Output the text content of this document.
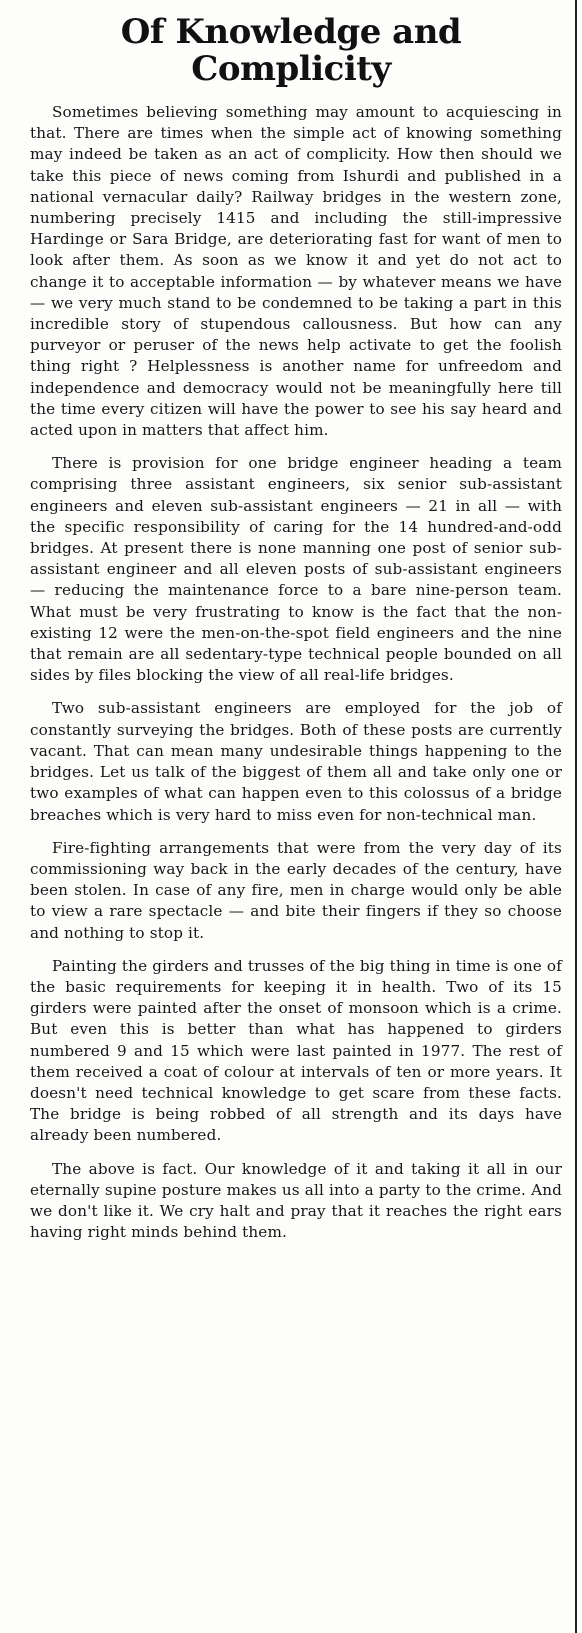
Of Knowledge and Complicity

Sometimes believing something may amount to acquiescing in that. There are times when the simple act of knowing something may indeed be taken as an act of complicity. How then should we take this piece of news coming from Ishurdi and published in a national vernacular daily? Railway bridges in the western zone, numbering precisely 1415 and including the still-impressive Hardinge or Sara Bridge, are deteriorating fast for want of men to look after them. As soon as we know it and yet do not act to change it to acceptable information — by whatever means we have — we very much stand to be condemned to be taking a part in this incredible story of stupendous callousness. But how can any purveyor or peruser of the news help activate to get the foolish thing right ? Helplessness is another name for unfreedom and independence and democracy would not be meaningfully here till the time every citizen will have the power to see his say heard and acted upon in matters that affect him.

There is provision for one bridge engineer heading a team comprising three assistant engineers, six senior sub-assistant engineers and eleven sub-assistant engineers — 21 in all — with the specific responsibility of caring for the 14 hundred-and-odd bridges. At present there is none manning one post of senior sub-assistant engineer and all eleven posts of sub-assistant engineers — reducing the maintenance force to a bare nine-person team. What must be very frustrating to know is the fact that the non-existing 12 were the men-on-the-spot field engineers and the nine that remain are all sedentary-type technical people bounded on all sides by files blocking the view of all real-life bridges.

Two sub-assistant engineers are employed for the job of constantly surveying the bridges. Both of these posts are currently vacant. That can mean many undesirable things happening to the bridges. Let us talk of the biggest of them all and take only one or two examples of what can happen even to this colossus of a bridge breaches which is very hard to miss even for non-technical man.

Fire-fighting arrangements that were from the very day of its commissioning way back in the early decades of the century, have been stolen. In case of any fire, men in charge would only be able to view a rare spectacle — and bite their fingers if they so choose and nothing to stop it.

Painting the girders and trusses of the big thing in time is one of the basic requirements for keeping it in health. Two of its 15 girders were painted after the onset of monsoon which is a crime. But even this is better than what has happened to girders numbered 9 and 15 which were last painted in 1977. The rest of them received a coat of colour at intervals of ten or more years. It doesn't need technical knowledge to get scare from these facts. The bridge is being robbed of all strength and its days have already been numbered.

The above is fact. Our knowledge of it and taking it all in our eternally supine posture makes us all into a party to the crime. And we don't like it. We cry halt and pray that it reaches the right ears having right minds behind them.
